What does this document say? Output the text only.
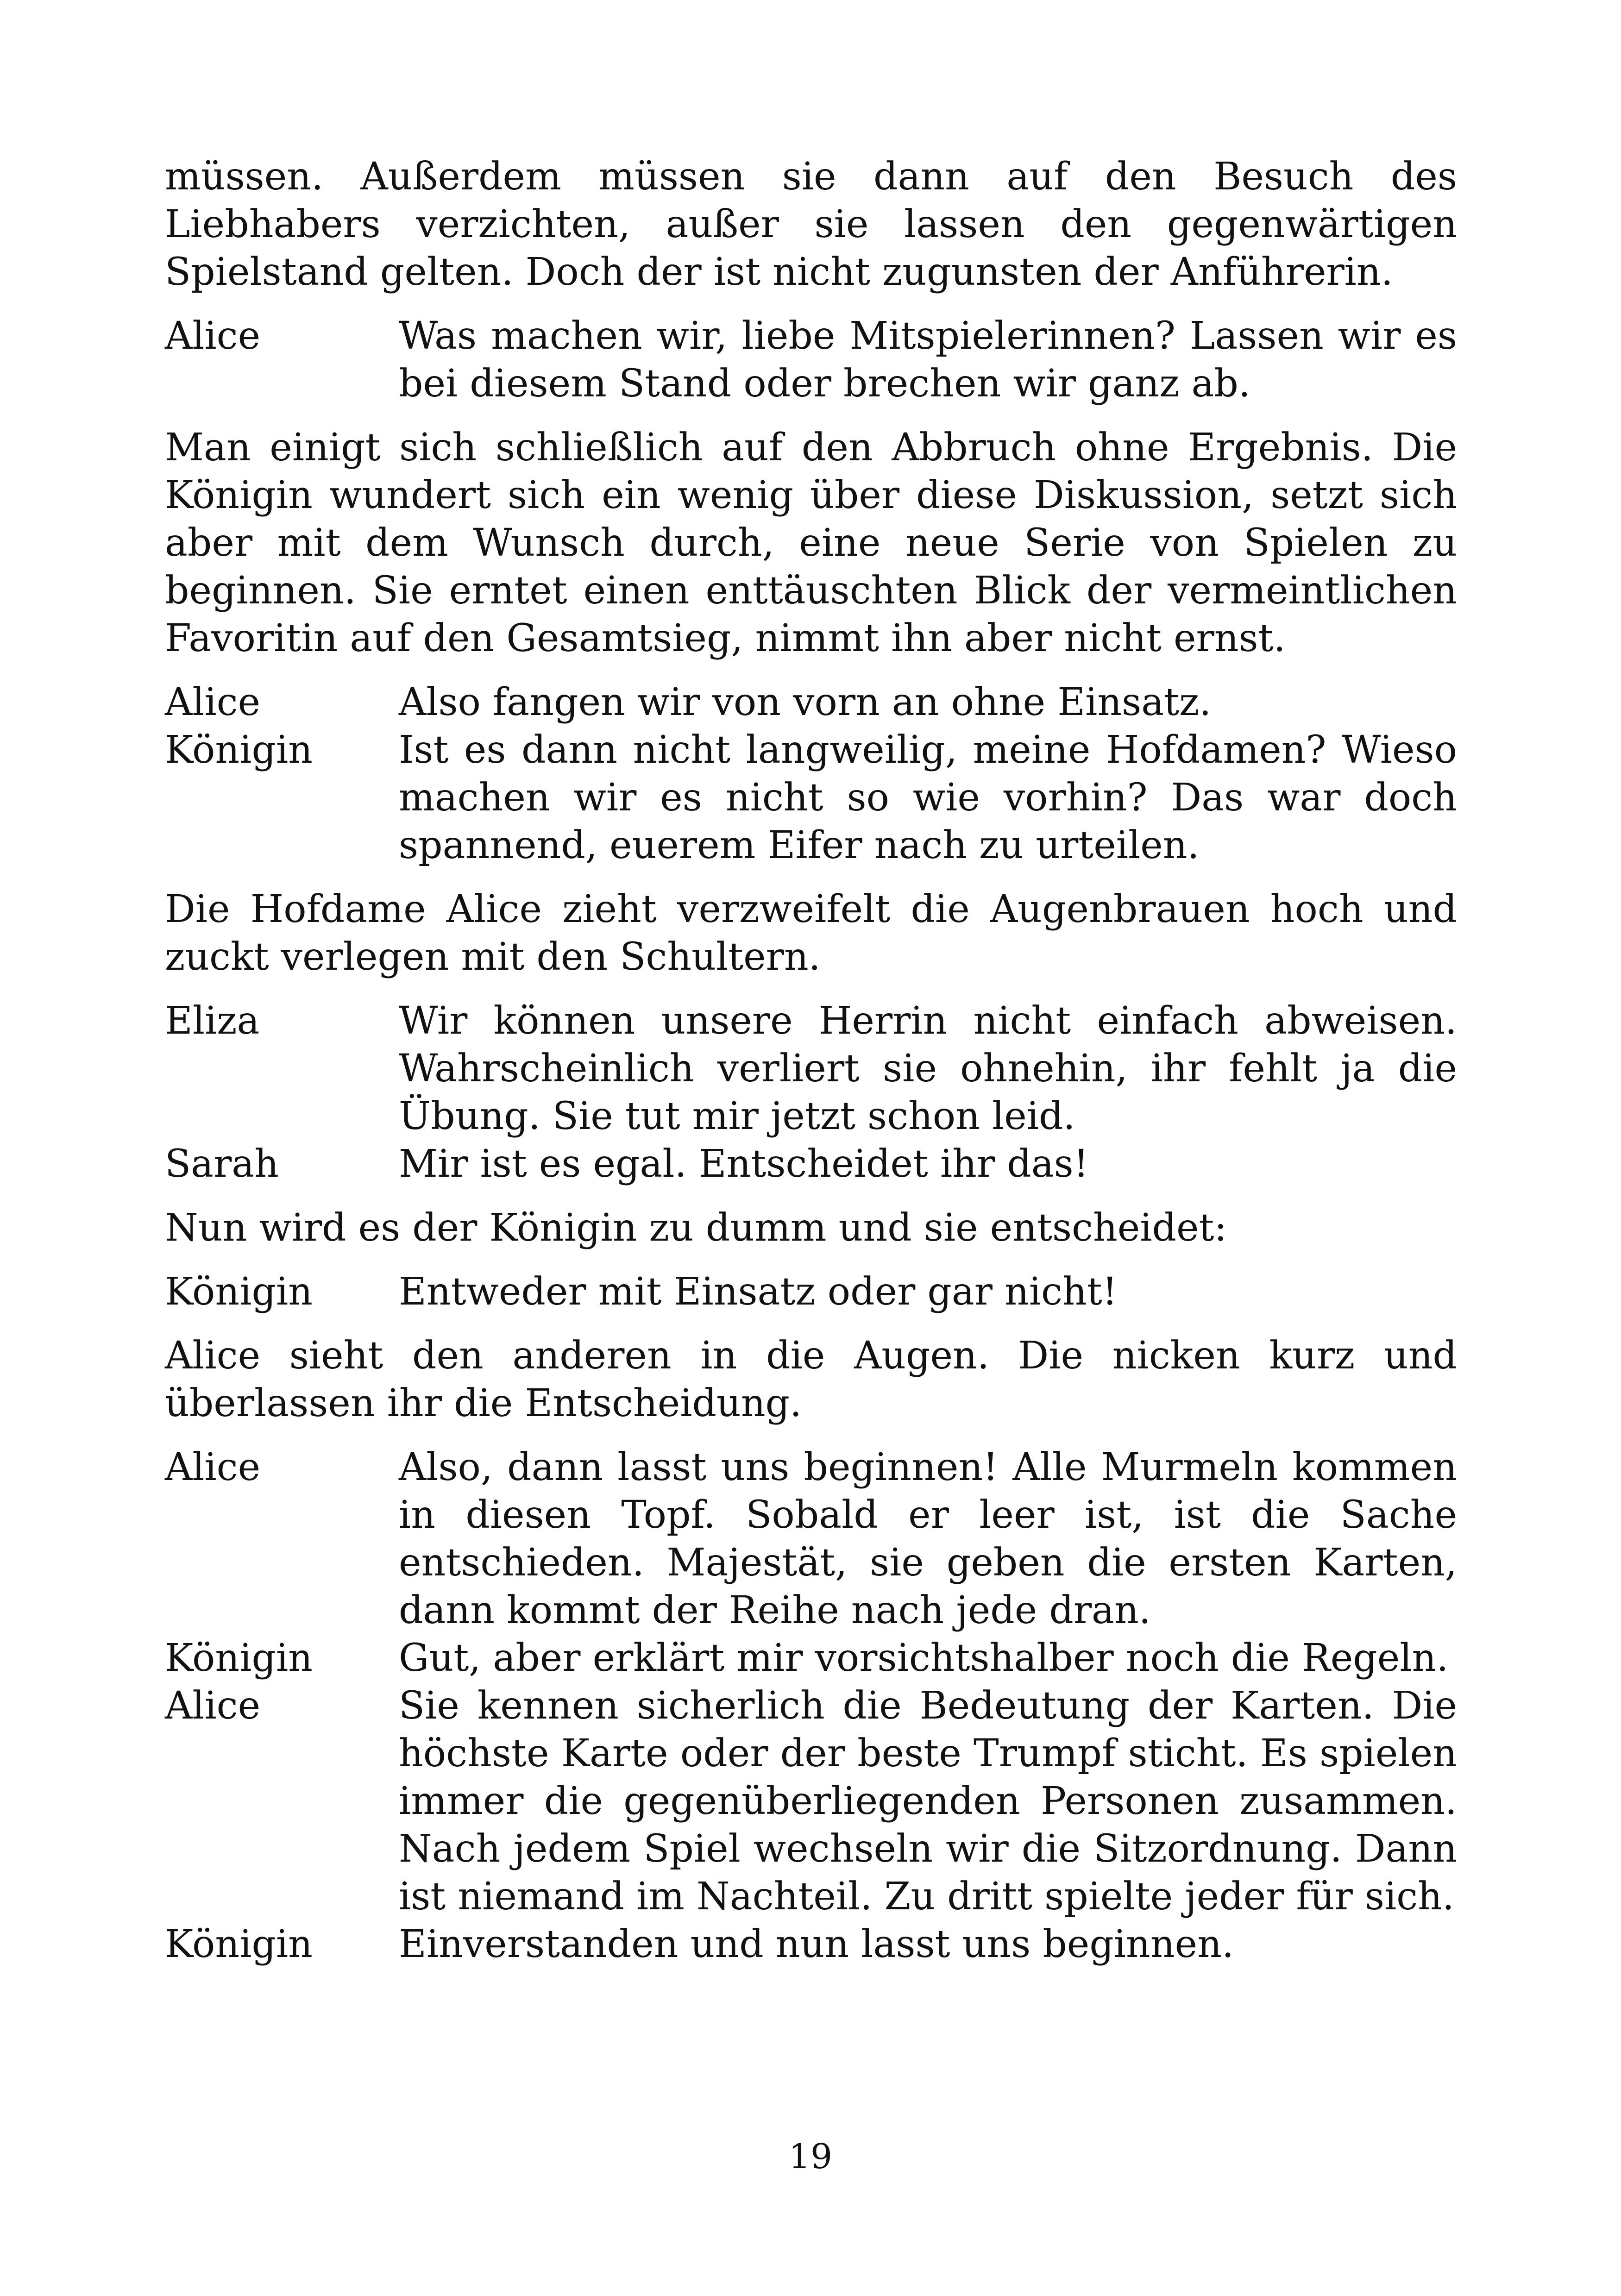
müssen. Außerdem müssen sie dann auf den Besuch des Liebhabers verzichten, außer sie lassen den gegenwärtigen Spielstand gelten. Doch der ist nicht zugunsten der Anführerin.

Alice	Was machen wir, liebe Mitspielerinnen? Lassen wir es bei diesem Stand oder brechen wir ganz ab.

Man einigt sich schließlich auf den Abbruch ohne Ergebnis. Die Königin wundert sich ein wenig über diese Diskussion, setzt sich aber mit dem Wunsch durch, eine neue Serie von Spielen zu beginnen. Sie erntet einen enttäuschten Blick der vermeintlichen Favoritin auf den Gesamtsieg, nimmt ihn aber nicht ernst.

Alice	Also fangen wir von vorn an ohne Einsatz.
Königin	Ist es dann nicht langweilig, meine Hofdamen? Wieso machen wir es nicht so wie vorhin? Das war doch spannend, euerem Eifer nach zu urteilen.

Die Hofdame Alice zieht verzweifelt die Augenbrauen hoch und zuckt verlegen mit den Schultern.

Eliza	Wir können unsere Herrin nicht einfach abweisen. Wahrscheinlich verliert sie ohnehin, ihr fehlt ja die Übung. Sie tut mir jetzt schon leid.
Sarah	Mir ist es egal. Entscheidet ihr das!

Nun wird es der Königin zu dumm und sie entscheidet:

Königin	Entweder mit Einsatz oder gar nicht!

Alice sieht den anderen in die Augen. Die nicken kurz und überlassen ihr die Entscheidung.

Alice	Also, dann lasst uns beginnen! Alle Murmeln kommen in diesen Topf. Sobald er leer ist, ist die Sache entschieden. Majestät, sie geben die ersten Karten, dann kommt der Reihe nach jede dran.
Königin	Gut, aber erklärt mir vorsichtshalber noch die Regeln.
Alice	Sie kennen sicherlich die Bedeutung der Karten. Die höchste Karte oder der beste Trumpf sticht. Es spielen immer die gegenüberliegenden Personen zusammen. Nach jedem Spiel wechseln wir die Sitzordnung. Dann ist niemand im Nachteil. Zu dritt spielte jeder für sich.
Königin	Einverstanden und nun lasst uns beginnen.
19
